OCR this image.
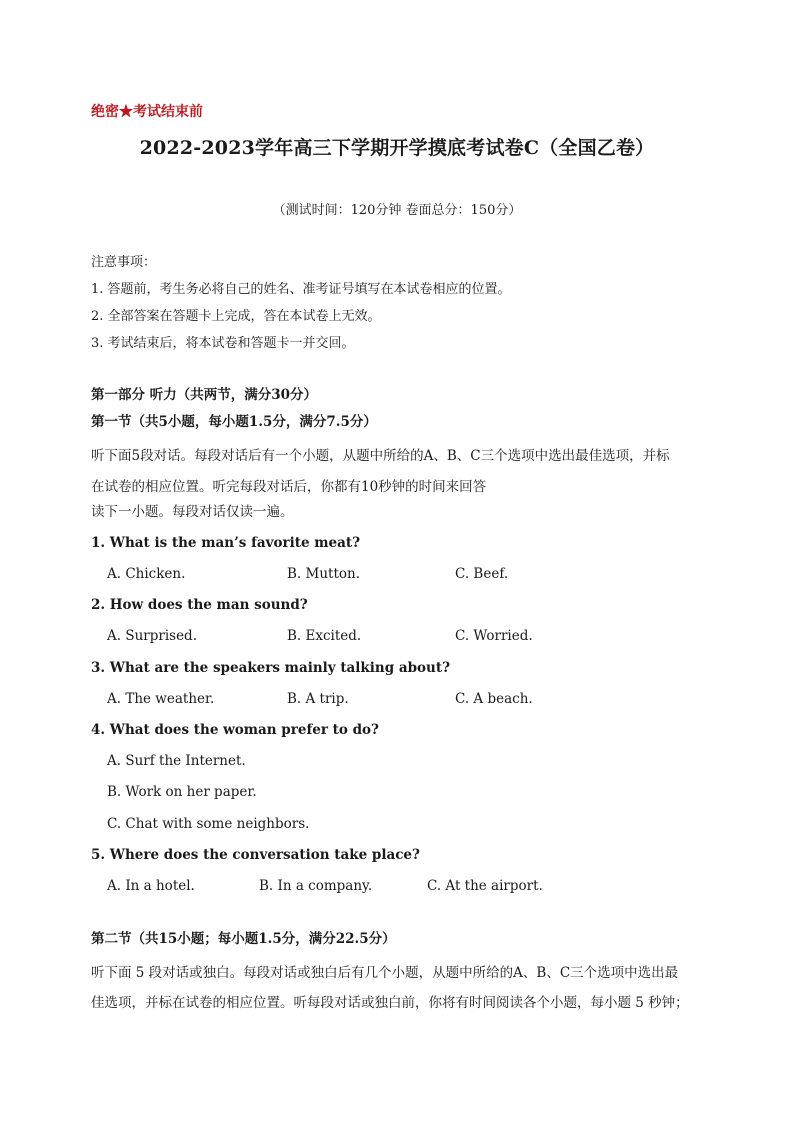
绝密★考试结束前
2022-2023学年高三下学期开学摸底考试卷C（全国乙卷）
（测试时间：120分钟 卷面总分：150分）
注意事项：
1. 答题前，考生务必将自己的姓名、准考证号填写在本试卷相应的位置。
2. 全部答案在答题卡上完成，答在本试卷上无效。
3. 考试结束后，将本试卷和答题卡一并交回。
第一部分 听力（共两节，满分30分）
第一节（共5小题，每小题1.5分，满分7.5分）
听下面5段对话。每段对话后有一个小题，从题中所给的A、B、C三个选项中选出最佳选项，并标
在试卷的相应位置。听完每段对话后，你都有10秒钟的时间来回答
读下一小题。每段对话仅读一遍。
1. What is the man’s favorite meat?
A. Chicken.	B. Mutton.	C. Beef.
2. How does the man sound?
A. Surprised.	B. Excited.	C. Worried.
3. What are the speakers mainly talking about?
A. The weather.	B. A trip.	C. A beach.
4. What does the woman prefer to do?
A. Surf the Internet.
B. Work on her paper.
C. Chat with some neighbors.
5. Where does the conversation take place?
A. In a hotel.	B. In a company.	C. At the airport.
第二节（共15小题；每小题1.5分，满分22.5分）
听下面 5 段对话或独白。每段对话或独白后有几个小题，从题中所给的A、B、C三个选项中选出最
佳选项，并标在试卷的相应位置。听每段对话或独白前，你将有时间阅读各个小题，每小题 5 秒钟；
